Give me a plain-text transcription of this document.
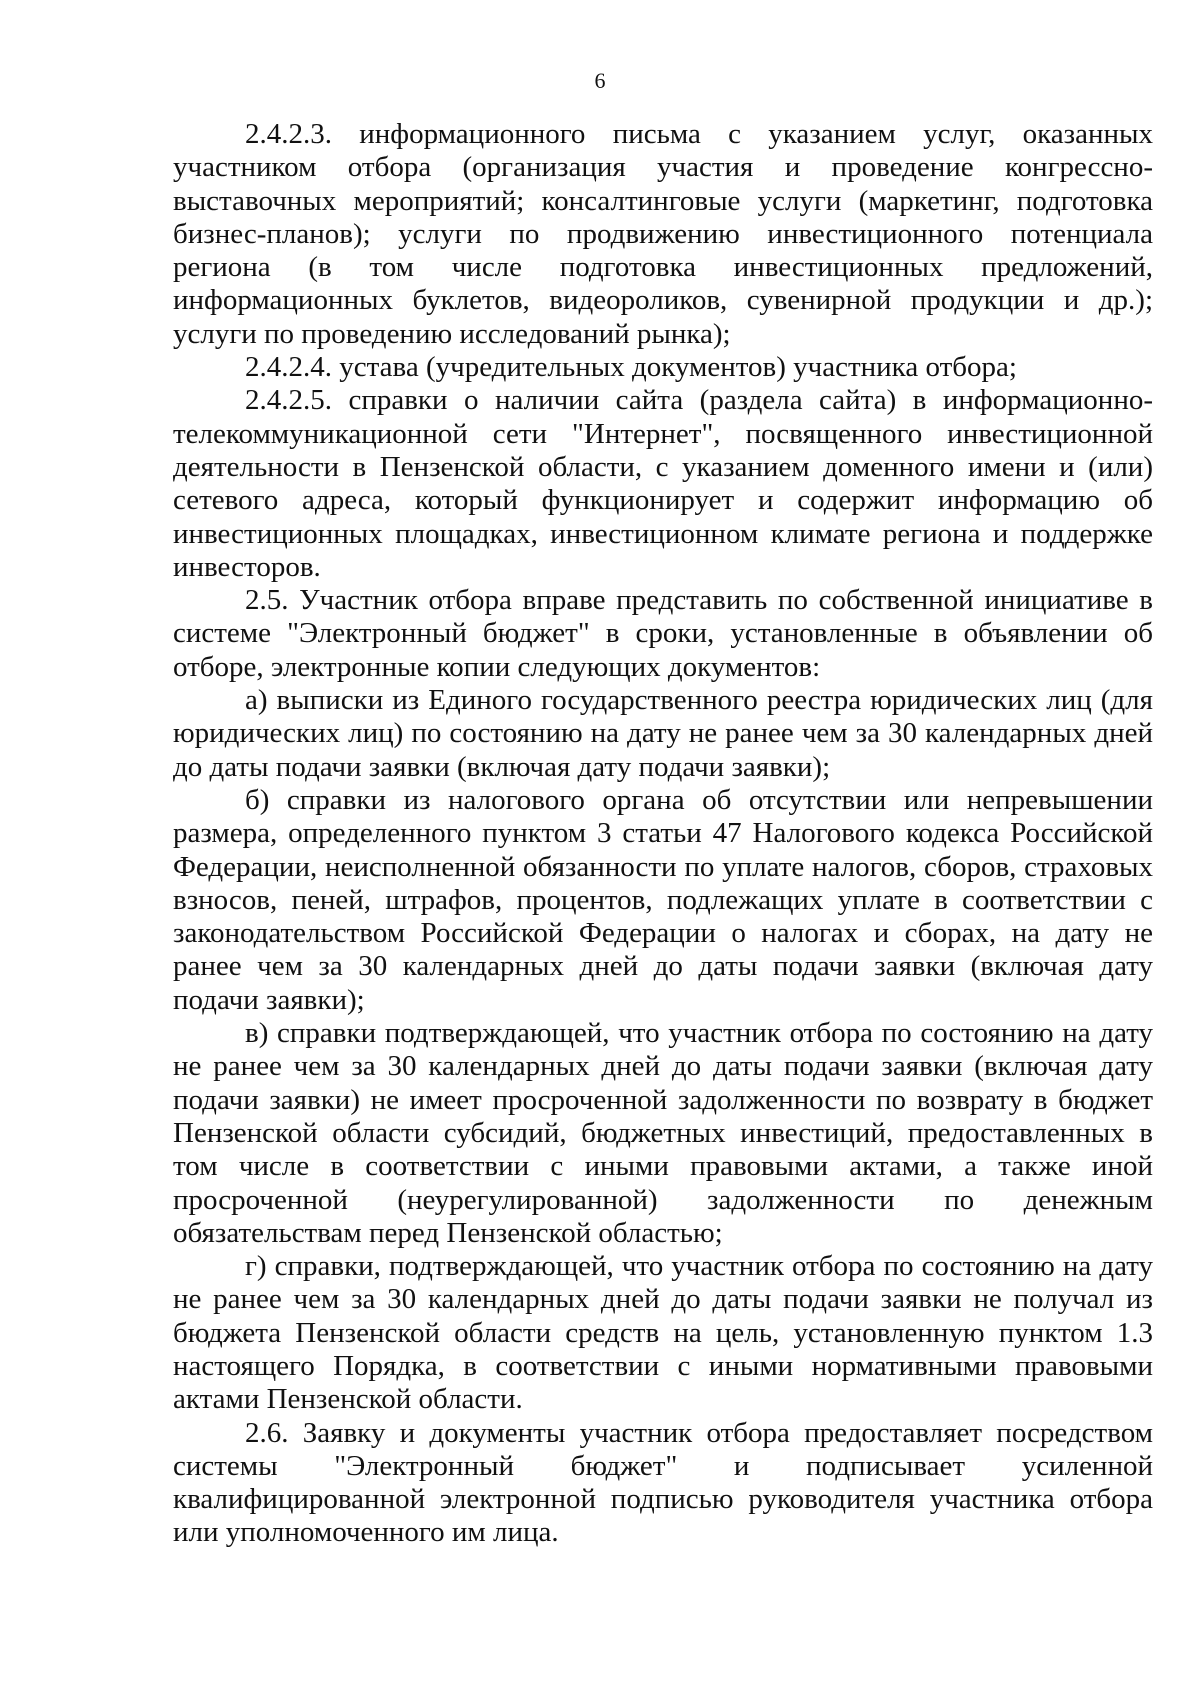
6

2.4.2.3. информационного письма с указанием услуг, оказанных участником отбора (организация участия и проведение конгрессно-выставочных мероприятий; консалтинговые услуги (маркетинг, подготовка бизнес-планов); услуги по продвижению инвестиционного потенциала региона (в том числе подготовка инвестиционных предложений, информационных буклетов, видеороликов, сувенирной продукции и др.); услуги по проведению исследований рынка);

2.4.2.4. устава (учредительных документов) участника отбора;

2.4.2.5. справки о наличии сайта (раздела сайта) в информационно-телекоммуникационной сети "Интернет", посвященного инвестиционной деятельности в Пензенской области, с указанием доменного имени и (или) сетевого адреса, который функционирует и содержит информацию об инвестиционных площадках, инвестиционном климате региона и поддержке инвесторов.

2.5. Участник отбора вправе представить по собственной инициативе в системе "Электронный бюджет" в сроки, установленные в объявлении об отборе, электронные копии следующих документов:

а) выписки из Единого государственного реестра юридических лиц (для юридических лиц) по состоянию на дату не ранее чем за 30 календарных дней до даты подачи заявки (включая дату подачи заявки);

б) справки из налогового органа об отсутствии или непревышении размера, определенного пунктом 3 статьи 47 Налогового кодекса Российской Федерации, неисполненной обязанности по уплате налогов, сборов, страховых взносов, пеней, штрафов, процентов, подлежащих уплате в соответствии с законодательством Российской Федерации о налогах и сборах, на дату не ранее чем за 30 календарных дней до даты подачи заявки (включая дату подачи заявки);

в) справки подтверждающей, что участник отбора по состоянию на дату не ранее чем за 30 календарных дней до даты подачи заявки (включая дату подачи заявки) не имеет просроченной задолженности по возврату в бюджет Пензенской области субсидий, бюджетных инвестиций, предоставленных в том числе в соответствии с иными правовыми актами, а также иной просроченной (неурегулированной) задолженности по денежным обязательствам перед Пензенской областью;

г) справки, подтверждающей, что участник отбора по состоянию на дату не ранее чем за 30 календарных дней до даты подачи заявки не получал из бюджета Пензенской области средств на цель, установленную пунктом 1.3 настоящего Порядка, в соответствии с иными нормативными правовыми актами Пензенской области.

2.6. Заявку и документы участник отбора предоставляет посредством системы "Электронный бюджет" и подписывает усиленной квалифицированной электронной подписью руководителя участника отбора или уполномоченного им лица.
